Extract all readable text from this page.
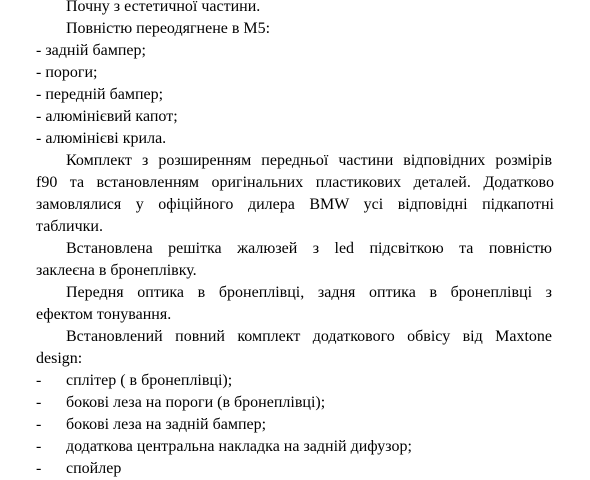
Почну з естетичної частини.
Повністю переодягнене в М5:
- задній бампер;
- пороги;
- передній бампер;
- алюмінієвий капот;
- алюмінієві крила.
Комплект з розширенням передньої частини відповідних розмірів
f90 та встановленням оригінальних пластикових деталей. Додатково
замовлялися у офіційного дилера BMW усі відповідні підкапотні
таблички.
Встановлена решітка жалюзей з led підсвіткою та повністю
заклеєна в бронеплівку.
Передня оптика в бронеплівці, задня оптика в бронеплівці з
ефектом тонування.
Встановлений повний комплект додаткового обвісу від Maxtone
design:
- сплітер ( в бронеплівці);
- бокові леза на пороги (в бронеплівці);
- бокові леза на задній бампер;
- додаткова центральна накладка на задній дифузор;
- спойлер
